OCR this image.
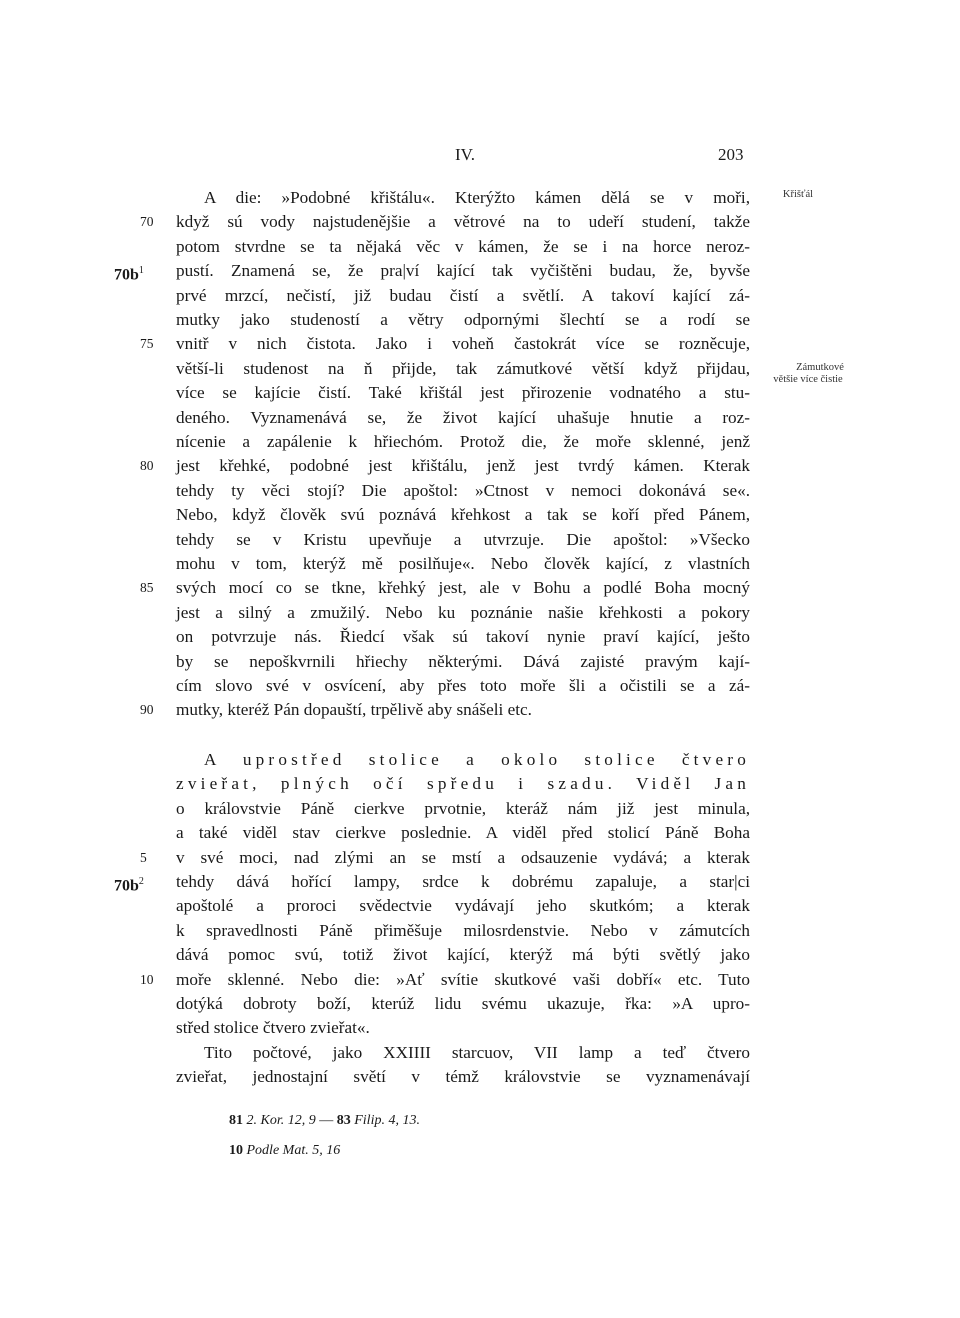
IV.	203
Křišťál
Zámutkové
většie více čistie
A die: »Podobné křištálu«. Kterýžto kámen dělá se v moři,
když sú vody najstudenějšie a větrové na to udeří studení, takže
70
potom stvrdne se ta nějaká věc v kámen, že se i na horce neroz-
pustí. Znamená se, že pra|ví kající tak vyčištěni budau, že, byvše
$70b^1$
prvé mrzcí, nečistí, již budau čistí a světlí. A takoví kající zá-
mutky jako studeností a větry odpornými šlechtí se a rodí se
vnitř v nich čistota. Jako i voheň častokrát více se rozněcuje,
75
větší-li studenost na ň přijde, tak zámutkové větší když přijdau,
více se kajície čistí. Také křištál jest přirozenie vodnatého a stu-
deného. Vyznamenává se, že život kající uhašuje hnutie a roz-
nícenie a zapálenie k hřiechóm. Protož die, že moře sklenné, jenž
jest křehké, podobné jest křištálu, jenž jest tvrdý kámen. Kterak
80
tehdy ty věci stojí? Die apoštol: »Ctnost v nemoci dokonává se«.
Nebo, když člověk svú poznává křehkost a tak se koří před Pánem,
tehdy se v Kristu upevňuje a utvrzuje. Die apoštol: »Všecko
mohu v tom, kterýž mě posilňuje«. Nebo člověk kající, z vlastních
svých mocí co se tkne, křehký jest, ale v Bohu a podlé Boha mocný
85
jest a silný a zmužilý. Nebo ku poznánie našie křehkosti a pokory
on potvrzuje nás. Řiedcí však sú takoví nynie praví kající, ješto
by se nepoškvrnili hřiechy některými. Dává zajisté pravým kají-
cím slovo své v osvícení, aby přes toto moře šli a očistili se a zá-
mutky, kteréž Pán dopauští, trpělivě aby snášeli etc.
90
A uprostřed stolice a okolo stolice čtvero
zvieřat, plných očí spředu i szadu. Viděl Jan
o královstvie Páně cierkve prvotnie, kteráž nám již jest minula,
a také viděl stav cierkve poslednie. A viděl před stolicí Páně Boha
v své moci, nad zlými an se mstí a odsauzenie vydává; a kterak
5
tehdy dává hořící lampy, srdce k dobrému zapaluje, a star|ci
$70b^2$
apoštolé a proroci svědectvie vydávají jeho skutkóm; a kterak
k spravedlnosti Páně přiměšuje milosrdenstvie. Nebo v zámutcích
dává pomoc svú, totiž život kající, kterýž má býti světlý jako
moře sklenné. Nebo die: »Ať svítie skutkové vaši dobří« etc. Tuto
10
dotýká dobroty boží, kterúž lidu svému ukazuje, řka: »A upro-
střed stolice čtvero zvieřat«.
Tito počtové, jako XXIIII starcuov, VII lamp a teď čtvero
zvieřat, jednostajní světí v témž královstvie se vyznamenávají
81 2. Kor. 12, 9 — 83 Filip. 4, 13.
10 Podle Mat. 5, 16
